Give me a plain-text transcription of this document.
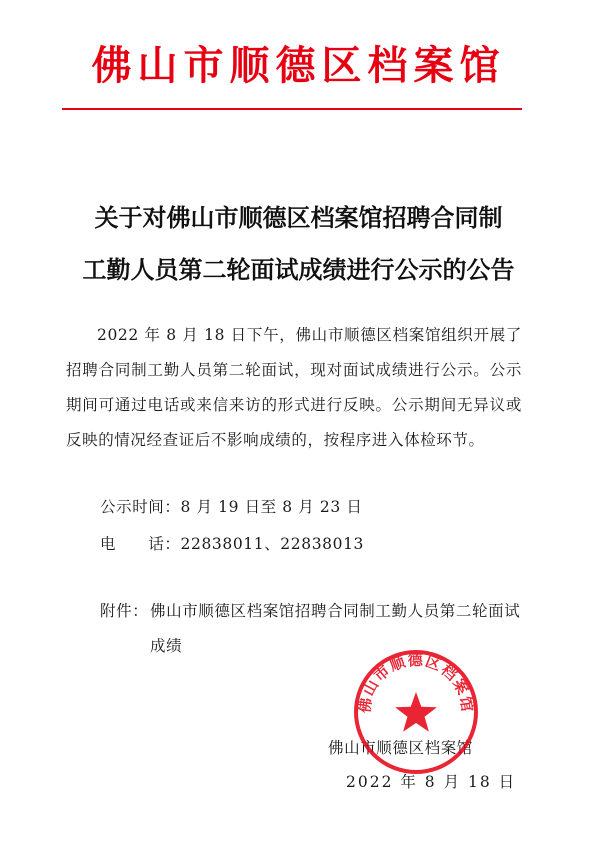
佛山市顺德区档案馆
关于对佛山市顺德区档案馆招聘合同制
工勤人员第二轮面试成绩进行公示的公告
2022 年 8 月 18 日下午，佛山市顺德区档案馆组织开展了招聘合同制工勤人员第二轮面试，现对面试成绩进行公示。公示期间可通过电话或来信来访的形式进行反映。公示期间无异议或反映的情况经查证后不影响成绩的，按程序进入体检环节。
公示时间：8 月 19 日至 8 月 23 日
电　　话：22838011、22838013
附件： 佛山市顺德区档案馆招聘合同制工勤人员第二轮面试成绩
佛山市顺德区档案馆
2022 年 8 月 18 日
佛山市顺德区档案馆
